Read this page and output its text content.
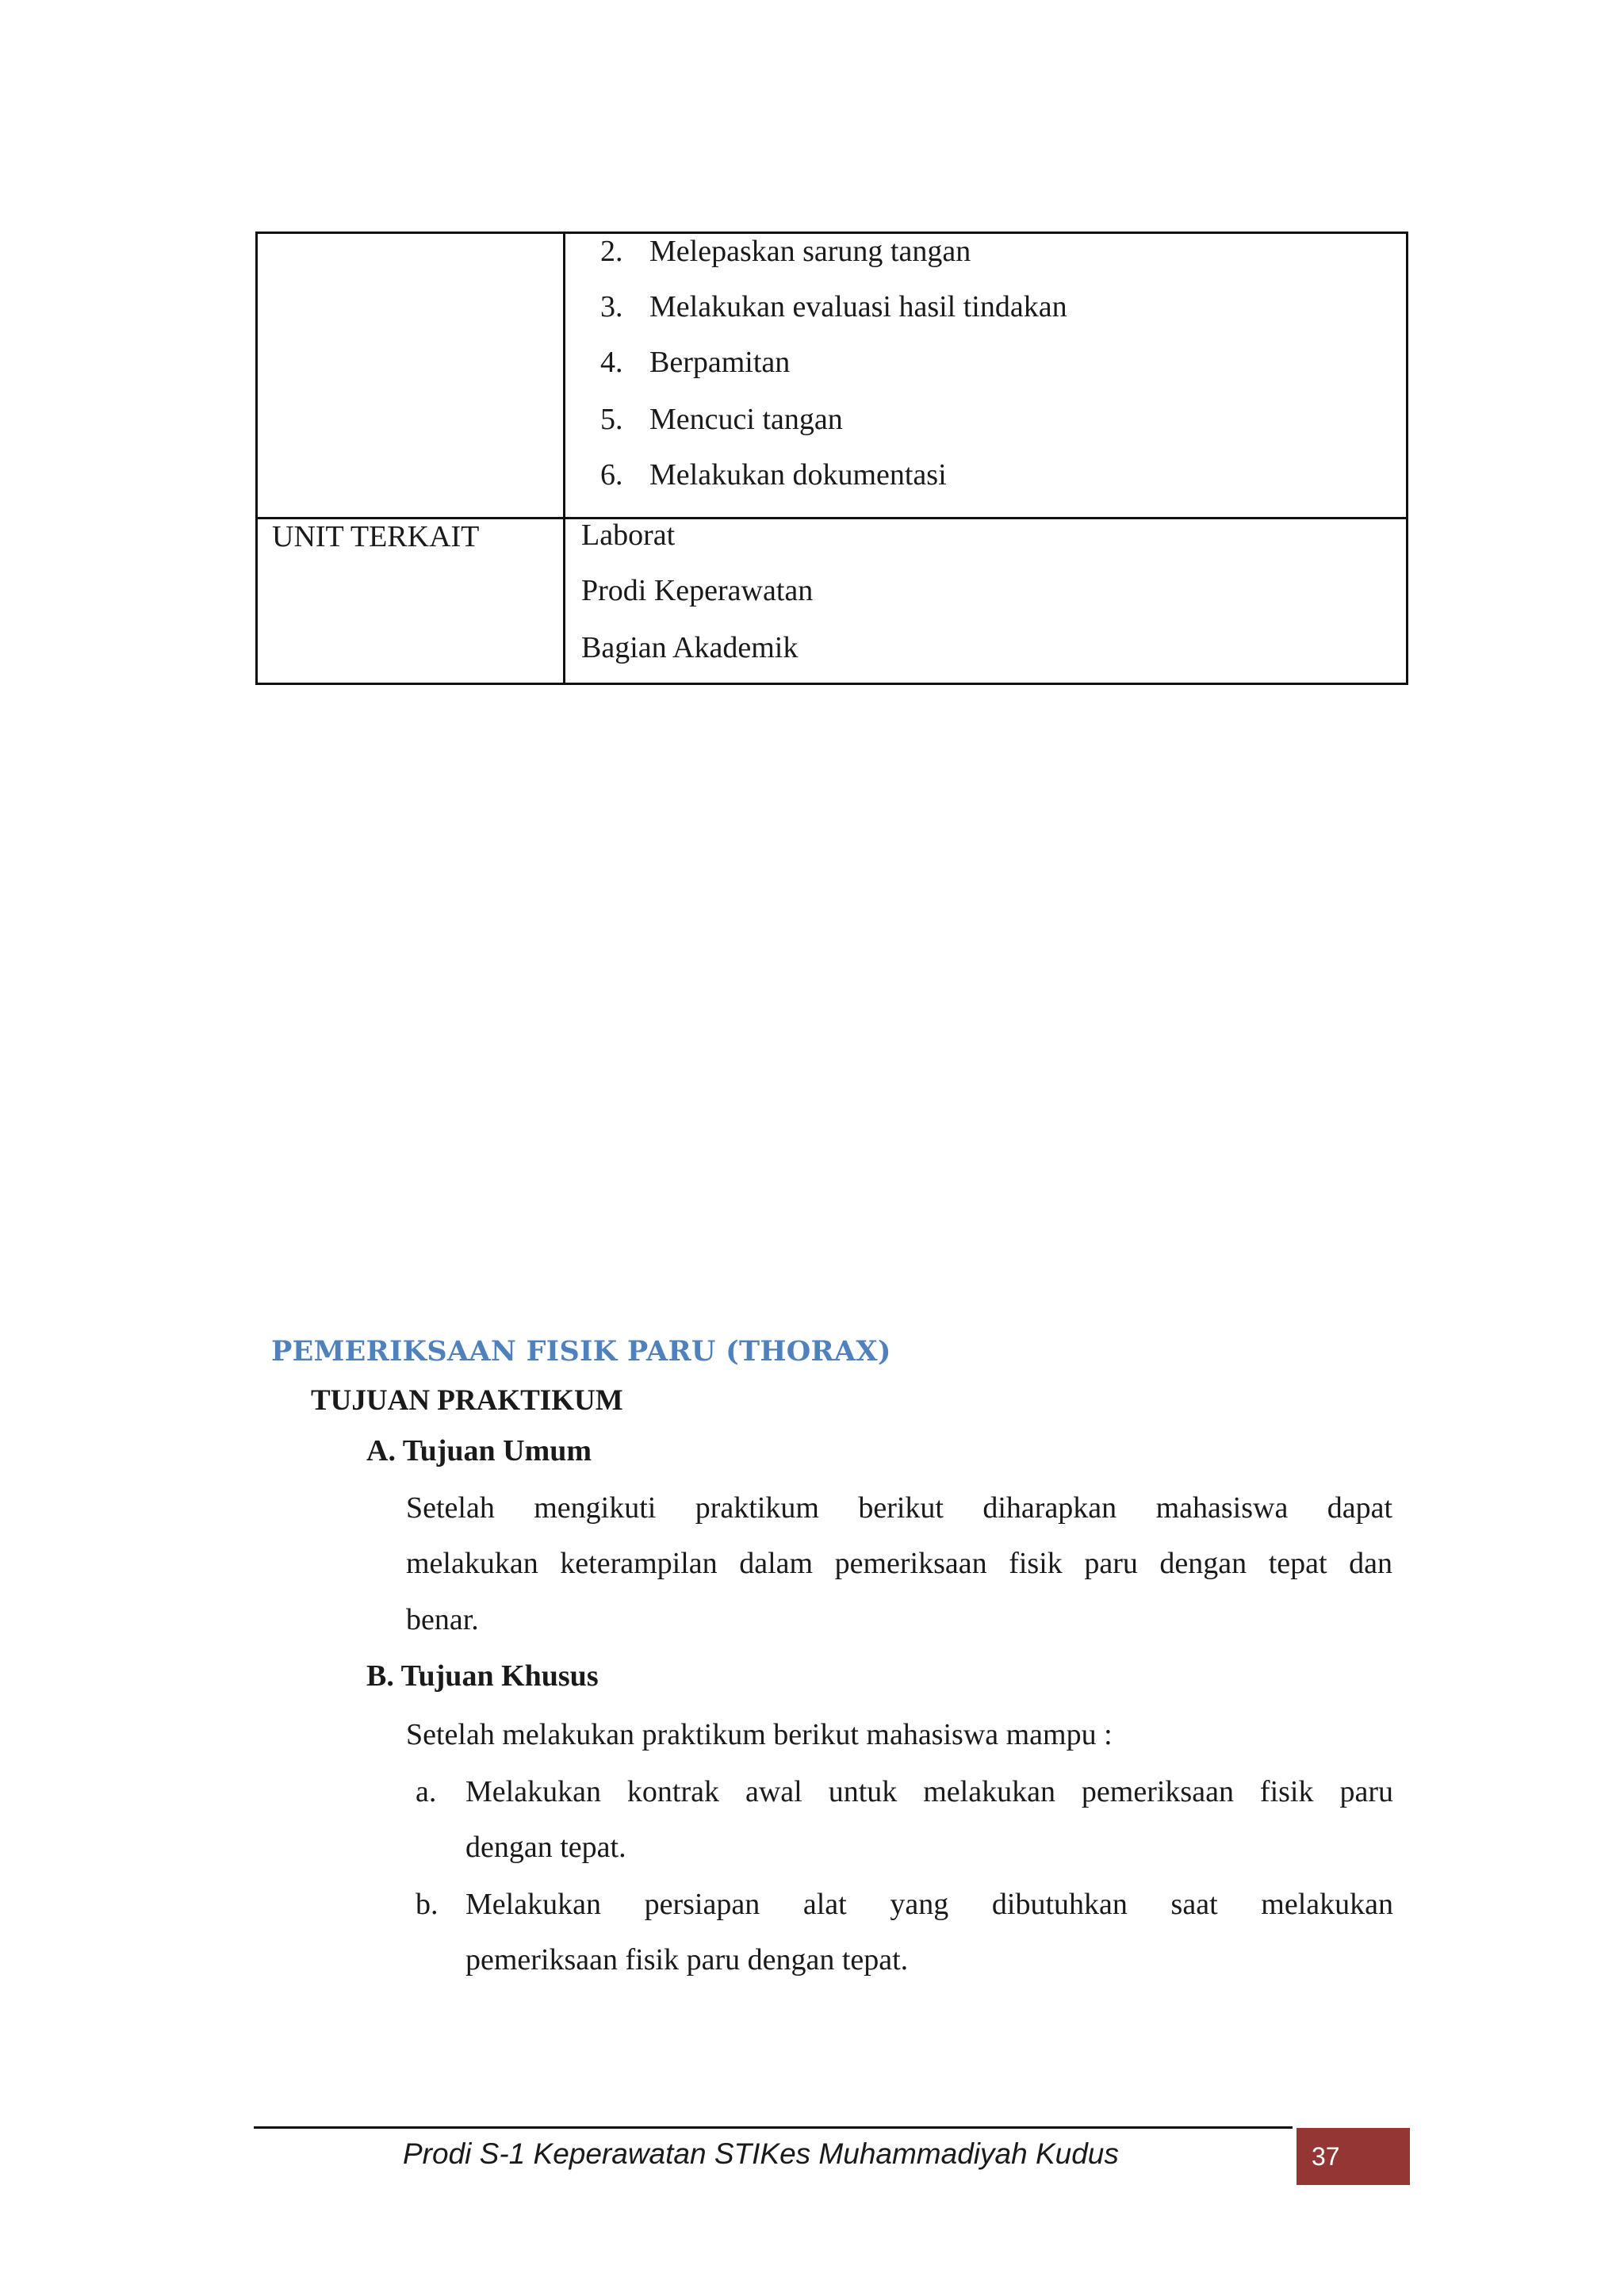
2. Melepaskan sarung tangan
3. Melakukan evaluasi hasil tindakan
4. Berpamitan
5. Mencuci tangan
6. Melakukan dokumentasi
UNIT TERKAIT	Laborat
Prodi Keperawatan
Bagian Akademik
PEMERIKSAAN FISIK PARU (THORAX)
TUJUAN PRAKTIKUM
A. Tujuan Umum
Setelah mengikuti praktikum berikut diharapkan mahasiswa dapat
melakukan keterampilan dalam pemeriksaan fisik paru dengan tepat dan
benar.
B. Tujuan Khusus
Setelah melakukan praktikum berikut mahasiswa mampu :
a. Melakukan kontrak awal untuk melakukan pemeriksaan fisik paru
dengan tepat.
b. Melakukan persiapan alat yang dibutuhkan saat melakukan
pemeriksaan fisik paru dengan tepat.
Prodi S-1 Keperawatan STIKes Muhammadiyah Kudus	37
